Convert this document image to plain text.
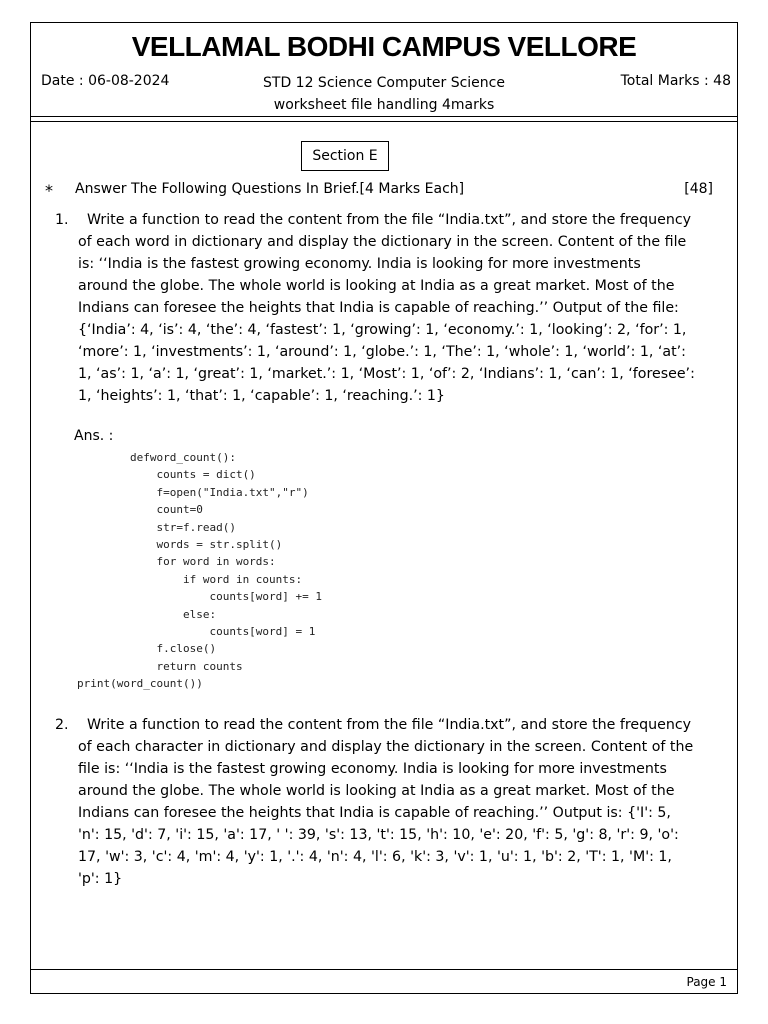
VELLAMAL BODHI CAMPUS VELLORE
Date : 06-08-2024	STD 12 Science Computer Science
worksheet file handling 4marks
Total Marks : 48
Section E
* Answer The Following Questions In Brief.[4 Marks Each]	[48]
1.	Write a function to read the content from the file “India.txt”, and store the frequency of each word in dictionary and display the dictionary in the screen. Content of the file is: ‘‘India is the fastest growing economy. India is looking for more investments around the globe. The whole world is looking at India as a great market. Most of the Indians can foresee the heights that India is capable of reaching.’’ Output of the file: {‘India’: 4, ‘is’: 4, ‘the’: 4, ‘fastest’: 1, ‘growing’: 1, ‘economy.’: 1, ‘looking’: 2, ‘for’: 1, ‘more’: 1, ‘investments’: 1, ‘around’: 1, ‘globe.’: 1, ‘The’: 1, ‘whole’: 1, ‘world’: 1, ‘at’: 1, ‘as’: 1, ‘a’: 1, ‘great’: 1, ‘market.’: 1, ‘Most’: 1, ‘of’: 2, ‘Indians’: 1, ‘can’: 1, ‘foresee’: 1, ‘heights’: 1, ‘that’: 1, ‘capable’: 1, ‘reaching.’: 1}
Ans. :
defword_count():
counts = dict()
f=open("India.txt","r")
count=0
str=f.read()
words = str.split()
for word in words:
if word in counts:
counts[word] += 1
else:
counts[word] = 1
f.close()
return counts
print(word_count())
2.	Write a function to read the content from the file “India.txt”, and store the frequency of each character in dictionary and display the dictionary in the screen. Content of the file is: ‘‘India is the fastest growing economy. India is looking for more investments around the globe. The whole world is looking at India as a great market. Most of the Indians can foresee the heights that India is capable of reaching.’’ Output is: {'I': 5, 'n': 15, 'd': 7, 'i': 15, 'a': 17, ' ': 39, 's': 13, 't': 15, 'h': 10, 'e': 20, 'f': 5, 'g': 8, 'r': 9, 'o': 17, 'w': 3, 'c': 4, 'm': 4, 'y': 1, '.': 4, 'n': 4, 'l': 6, 'k': 3, 'v': 1, 'u': 1, 'b': 2, 'T': 1, 'M': 1, 'p': 1}
Page 1
